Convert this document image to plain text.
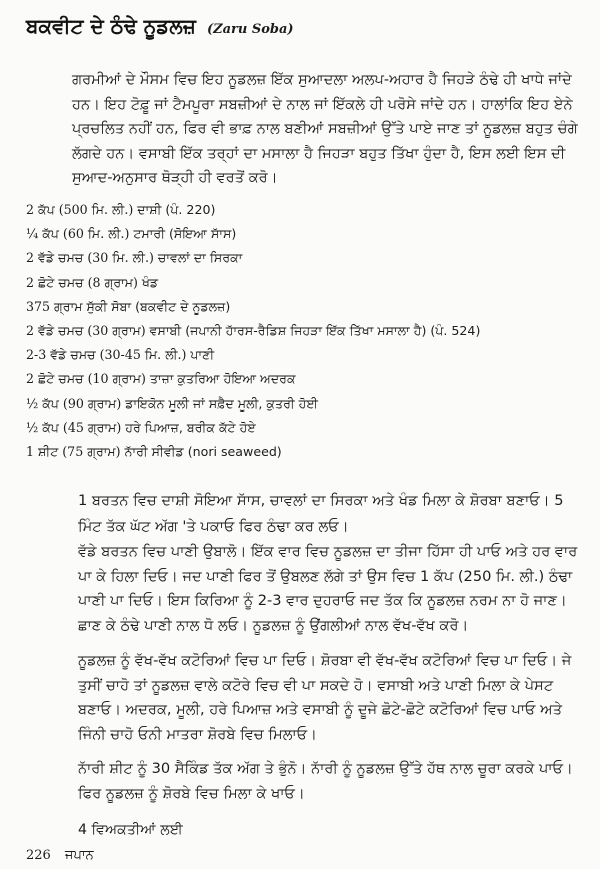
ਬਕਵੀਟ ਦੇ ਠੰਢੇ ਨੂਡਲਜ਼ (Zaru Soba)

ਗਰਮੀਆਂ ਦੇ ਮੌਸਮ ਵਿਚ ਇਹ ਨੂਡਲਜ਼ ਇੱਕ ਸੁਆਦਲਾ ਅਲਪ-ਅਹਾਰ ਹੈ ਜਿਹੜੇ ਠੰਢੇ ਹੀ ਖਾਧੇ ਜਾਂਦੇ ਹਨ। ਇਹ ਟੋਫ਼ੂ ਜਾਂ ਟੈਮਪੂਰਾ ਸਬਜ਼ੀਆਂ ਦੇ ਨਾਲ ਜਾਂ ਇੱਕਲੇ ਹੀ ਪਰੋਸੇ ਜਾਂਦੇ ਹਨ। ਹਾਲਾਂਕਿ ਇਹ ਏਨੇ ਪ੍ਰਚਲਿਤ ਨਹੀਂ ਹਨ, ਫਿਰ ਵੀ ਭਾਫ਼ ਨਾਲ ਬਣੀਆਂ ਸਬਜ਼ੀਆਂ ਉੱਤੇ ਪਾਏ ਜਾਣ ਤਾਂ ਨੂਡਲਜ਼ ਬਹੁਤ ਚੰਗੇ ਲੱਗਦੇ ਹਨ। ਵਸਾਬੀ ਇੱਕ ਤਰ੍ਹਾਂ ਦਾ ਮਸਾਲਾ ਹੈ ਜਿਹੜਾ ਬਹੁਤ ਤਿੱਖਾ ਹੁੰਦਾ ਹੈ, ਇਸ ਲਈ ਇਸ ਦੀ ਸੁਆਦ-ਅਨੁਸਾਰ ਥੋੜ੍ਹੀ ਹੀ ਵਰਤੋਂ ਕਰੋ।

2 ਕੱਪ (500 ਮਿ. ਲੀ.) ਦਾਸ਼ੀ (ਪੰ. 220)
¼ ਕੱਪ (60 ਮਿ. ਲੀ.) ਟਮਾਰੀ (ਸੋਇਆ ਸਾੱਸ)
2 ਵੱਡੇ ਚਮਚ (30 ਮਿ. ਲੀ.) ਚਾਵਲਾਂ ਦਾ ਸਿਰਕਾ
2 ਛੋਟੇ ਚਮਚ (8 ਗ੍ਰਾਮ) ਖੰਡ
375 ਗ੍ਰਾਮ ਸੁੱਕੀ ਸੋਬਾ (ਬਕਵੀਟ ਦੇ ਨੂਡਲਜ਼)
2 ਵੱਡੇ ਚਮਚ (30 ਗ੍ਰਾਮ) ਵਸਾਬੀ (ਜਪਾਨੀ ਹਾੱਰਸ-ਰੈਡਿਸ਼ ਜਿਹੜਾ ਇੱਕ ਤਿੱਖਾ ਮਸਾਲਾ ਹੈ) (ਪੰ. 524)
2-3 ਵੱਡੇ ਚਮਚ (30-45 ਮਿ. ਲੀ.) ਪਾਣੀ
2 ਛੋਟੇ ਚਮਚ (10 ਗ੍ਰਾਮ) ਤਾਜ਼ਾ ਕੁਤਰਿਆ ਹੋਇਆ ਅਦਰਕ
½ ਕੱਪ (90 ਗ੍ਰਾਮ) ਡਾਇਕੋਨ ਮੂਲੀ ਜਾਂ ਸਫ਼ੈਦ ਮੂਲੀ, ਕੁਤਰੀ ਹੋਈ
½ ਕੱਪ (45 ਗ੍ਰਾਮ) ਹਰੇ ਪਿਆਜ਼, ਬਰੀਕ ਕੱਟੇ ਹੋਏ
1 ਸ਼ੀਟ (75 ਗ੍ਰਾਮ) ਨਾੱਰੀ ਸੀਵੀਡ (nori seaweed)

1 ਬਰਤਨ ਵਿਚ ਦਾਸ਼ੀ ਸੋਇਆ ਸਾੱਸ, ਚਾਵਲਾਂ ਦਾ ਸਿਰਕਾ ਅਤੇ ਖੰਡ ਮਿਲਾ ਕੇ ਸ਼ੋਰਬਾ ਬਣਾਓ। 5 ਮਿੰਟ ਤੱਕ ਘੱਟ ਅੱਗ 'ਤੇ ਪਕਾਓ ਫਿਰ ਠੰਢਾ ਕਰ ਲਓ।

ਵੱਡੇ ਬਰਤਨ ਵਿਚ ਪਾਣੀ ਉਬਾਲੋ। ਇੱਕ ਵਾਰ ਵਿਚ ਨੂਡਲਜ਼ ਦਾ ਤੀਜਾ ਹਿੱਸਾ ਹੀ ਪਾਓ ਅਤੇ ਹਰ ਵਾਰ ਪਾ ਕੇ ਹਿਲਾ ਦਿਓ। ਜਦ ਪਾਣੀ ਫਿਰ ਤੋਂ ਉਬਲਣ ਲੱਗੇ ਤਾਂ ਉਸ ਵਿਚ 1 ਕੱਪ (250 ਮਿ. ਲੀ.) ਠੰਢਾ ਪਾਣੀ ਪਾ ਦਿਓ। ਇਸ ਕਿਰਿਆ ਨੂੰ 2-3 ਵਾਰ ਦੁਹਰਾਓ ਜਦ ਤੱਕ ਕਿ ਨੂਡਲਜ਼ ਨਰਮ ਨਾ ਹੋ ਜਾਣ। ਛਾਣ ਕੇ ਠੰਢੇ ਪਾਣੀ ਨਾਲ ਧੋ ਲਓ। ਨੂਡਲਜ਼ ਨੂੰ ਉਂਗਲੀਆਂ ਨਾਲ ਵੱਖ-ਵੱਖ ਕਰੋ।

ਨੂਡਲਜ਼ ਨੂੰ ਵੱਖ-ਵੱਖ ਕਟੋਰਿਆਂ ਵਿਚ ਪਾ ਦਿਓ। ਸ਼ੋਰਬਾ ਵੀ ਵੱਖ-ਵੱਖ ਕਟੋਰਿਆਂ ਵਿਚ ਪਾ ਦਿਓ। ਜੇ ਤੁਸੀਂ ਚਾਹੋ ਤਾਂ ਨੂਡਲਜ਼ ਵਾਲੇ ਕਟੋਰੇ ਵਿਚ ਵੀ ਪਾ ਸਕਦੇ ਹੋ। ਵਸਾਬੀ ਅਤੇ ਪਾਣੀ ਮਿਲਾ ਕੇ ਪੇਸਟ ਬਣਾਓ। ਅਦਰਕ, ਮੂਲੀ, ਹਰੇ ਪਿਆਜ਼ ਅਤੇ ਵਸਾਬੀ ਨੂੰ ਦੂਜੇ ਛੋਟੇ-ਛੋਟੇ ਕਟੋਰਿਆਂ ਵਿਚ ਪਾਓ ਅਤੇ ਜਿੰਨੀ ਚਾਹੋ ਓਨੀ ਮਾਤਰਾ ਸ਼ੋਰਬੇ ਵਿਚ ਮਿਲਾਓ।

ਨਾੱਰੀ ਸ਼ੀਟ ਨੂੰ 30 ਸੈਕਿੰਡ ਤੱਕ ਅੱਗ ਤੇ ਭੁੰਨੋ। ਨਾੱਰੀ ਨੂੰ ਨੂਡਲਜ਼ ਉੱਤੇ ਹੱਥ ਨਾਲ ਚੂਰਾ ਕਰਕੇ ਪਾਓ। ਫਿਰ ਨੂਡਲਜ਼ ਨੂੰ ਸ਼ੋਰਬੇ ਵਿਚ ਮਿਲਾ ਕੇ ਖਾਓ।

4 ਵਿਅਕਤੀਆਂ ਲਈ

226 ਜਪਾਨ
